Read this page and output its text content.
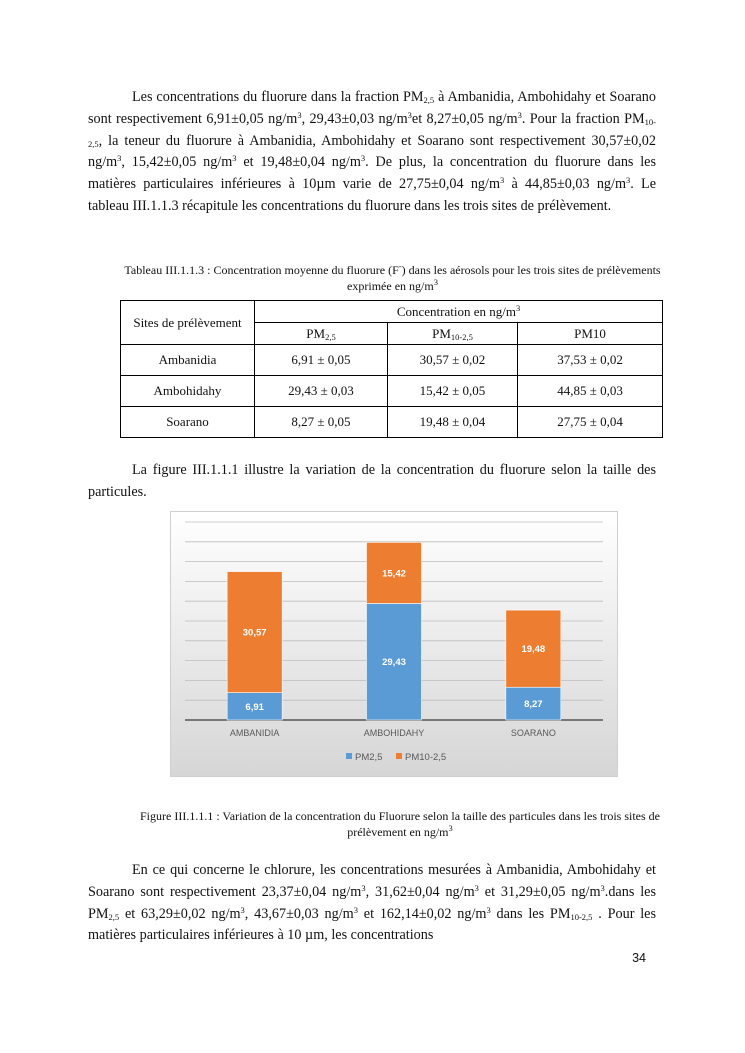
Les concentrations du fluorure dans la fraction $PM_{2,5}$ à Ambanidia, Ambohidahy et Soarano sont respectivement 6,91±0,05 $ng/m^3$, 29,43±0,03 $ng/m^3et$ 8,27±0,05 $ng/m^3$. Pour la fraction $PM_{10-2,5}$, la teneur du fluorure à Ambanidia, Ambohidahy et Soarano sont respectivement 30,57±0,02 $ng/m^3$, 15,42±0,05 $ng/m^3$ et 19,48±0,04 $ng/m^3$. De plus, la concentration du fluorure dans les matières particulaires inférieures à 10µm varie de 27,75±0,04 $ng/m^3$ à 44,85±0,03 $ng/m^3$. Le tableau III.1.1.3 récapitule les concentrations du fluorure dans les trois sites de prélèvement.

Tableau III.1.1.3 : Concentration moyenne du fluorure (F-) dans les aérosols pour les trois sites de prélèvements exprimée en $ng/m^3$

Sites de prélèvement	Concentration en $ng/m^3$
	$PM_{2,5}$	$PM_{10-2,5}$	PM10
Ambanidia	6,91 ± 0,05	30,57 ± 0,02	37,53 ± 0,02
Ambohidahy	29,43 ± 0,03	15,42 ± 0,05	44,85 ± 0,03
Soarano	8,27 ± 0,05	19,48 ± 0,04	27,75 ± 0,04

La figure III.1.1.1 illustre la variation de la concentration du fluorure selon la taille des particules.

6,91
30,57
29,43
15,42
8,27
19,48
AMBANIDIA	AMBOHIDAHY	SOARANO
PM2,5 PM10-2,5

Figure III.1.1.1 : Variation de la concentration du Fluorure selon la taille des particules dans les trois sites de prélèvement en $ng/m^3$

En ce qui concerne le chlorure, les concentrations mesurées à Ambanidia, Ambohidahy et Soarano sont respectivement 23,37±0,04 $ng/m^3$, 31,62±0,04 $ng/m^3$ et 31,29±0,05 $ng/m^3.dans$ les $PM_{2,5}$ et 63,29±0,02 $ng/m^3$, 43,67±0,03 $ng/m^3$ et 162,14±0,02 $ng/m^3$ dans les $PM_{10-2,5}$ . Pour les matières particulaires inférieures à 10 µm, les concentrations

34
